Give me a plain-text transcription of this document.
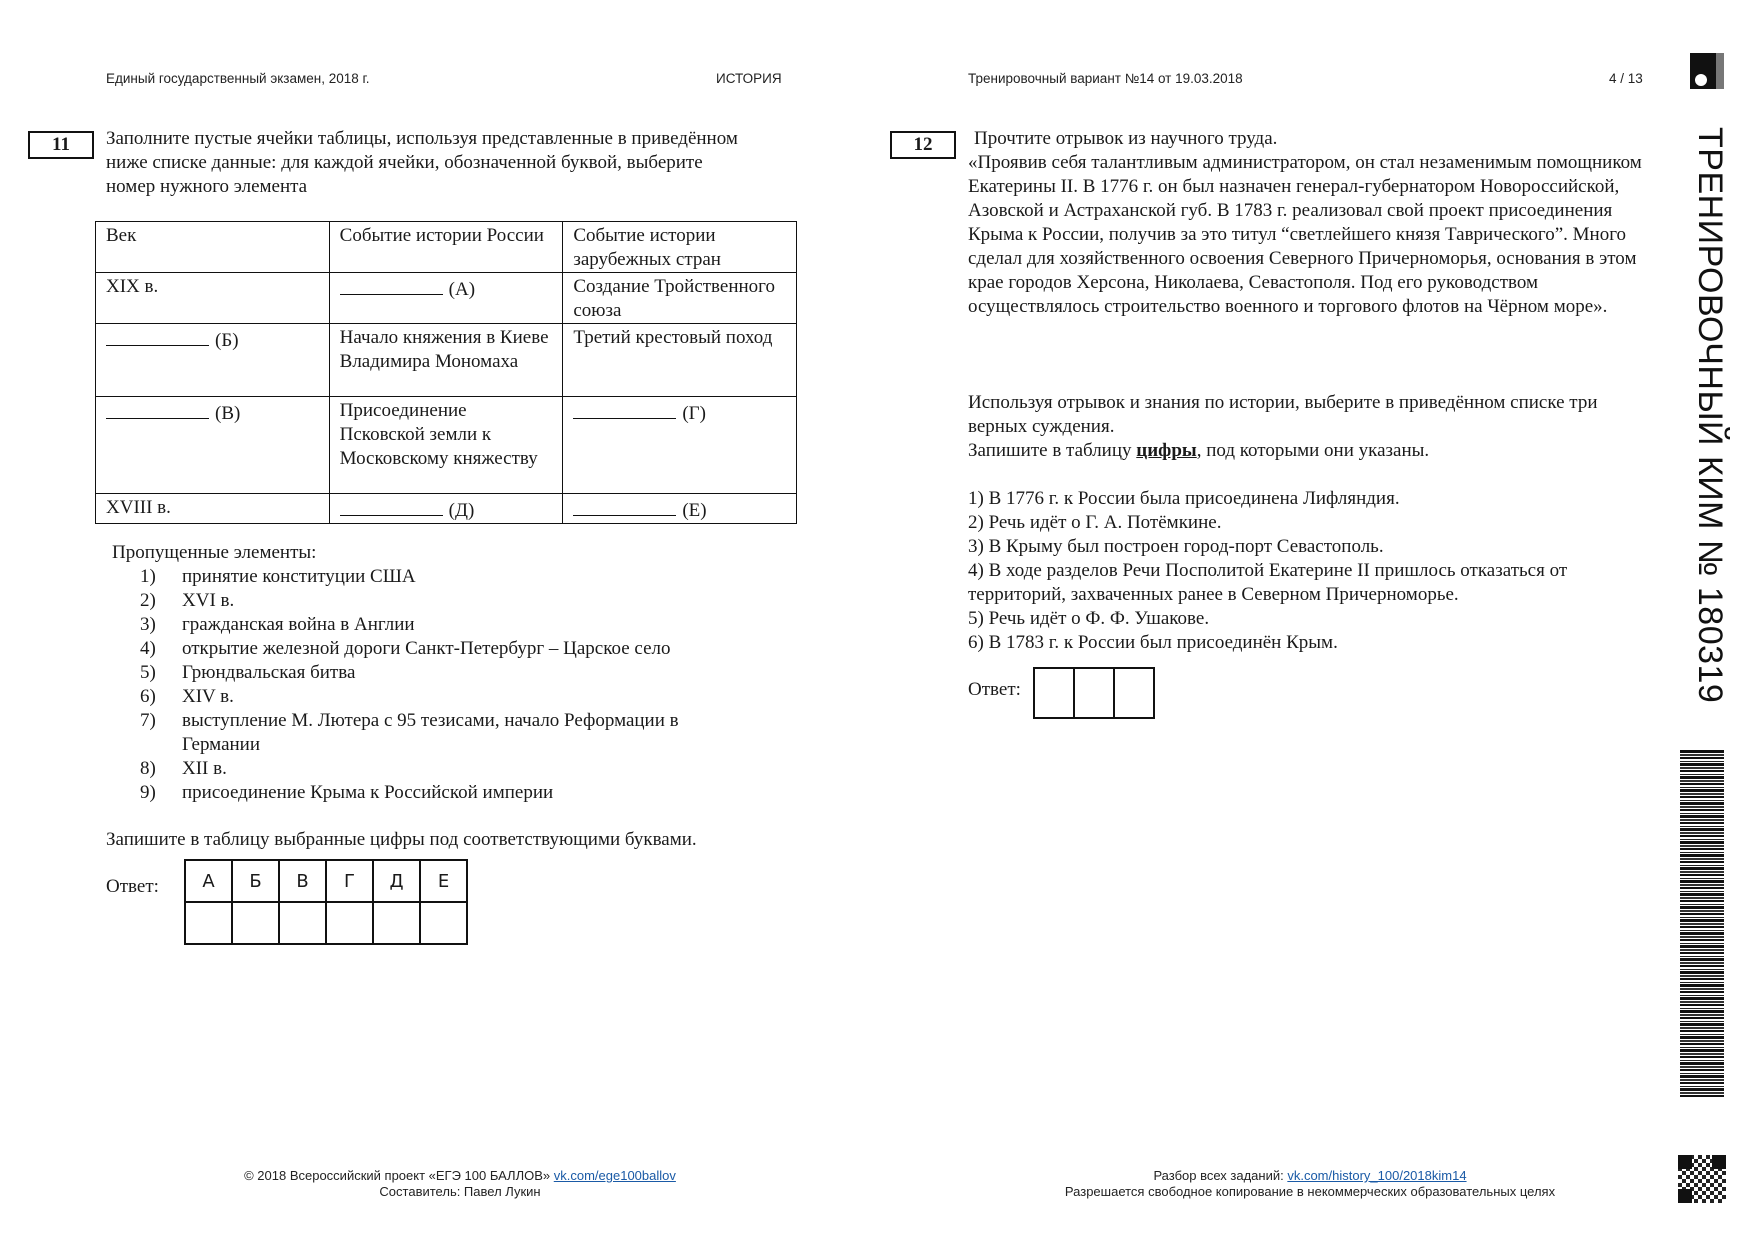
Единый государственный экзамен, 2018 г.	ИСТОРИЯ	Тренировочный вариант №14 от 19.03.2018	4 / 13
11	Заполните пустые ячейки таблицы, используя представленные в приведённом ниже списке данные: для каждой ячейки, обозначенной буквой, выберите номер нужного элемента
Век	Событие истории России	Событие истории зарубежных стран
XIX в.	(А)	Создание Тройственного союза
(Б)	Начало княжения в Киеве Владимира Мономаха	Третий крестовый поход
(В)	Присоединение Псковской земли к Московскому княжеству	(Г)
XVIII в.	(Д)	(Е)
Пропущенные элементы:
1)	принятие конституции США
2)	XVI в.
3)	гражданская война в Англии
4)	открытие железной дороги Санкт-Петербург – Царское село
5)	Грюндвальская битва
6)	XIV в.
7)	выступление М. Лютера с 95 тезисами, начало Реформации в Германии
8)	XII в.
9)	присоединение Крыма к Российской империи
Запишите в таблицу выбранные цифры под соответствующими буквами.
Ответ: А	Б	В	Г	Д	Е

12	Прочтите отрывок из научного труда.
«Проявив себя талантливым администратором, он стал незаменимым помощником Екатерины II. В 1776 г. он был назначен генерал-губернатором Новороссийской, Азовской и Астраханской губ. В 1783 г. реализовал свой проект присоединения Крыма к России, получив за это титул “светлейшего князя Таврического”. Много сделал для хозяйственного освоения Северного Причерноморья, основания в этом крае городов Херсона, Николаева, Севастополя. Под его руководством осуществлялось строительство военного и торгового флотов на Чёрном море».
Используя отрывок и знания по истории, выберите в приведённом списке три верных суждения.
Запишите в таблицу цифры, под которыми они указаны.
1) В 1776 г. к России была присоединена Лифляндия.
2) Речь идёт о Г. А. Потёмкине.
3) В Крыму был построен город-порт Севастополь.
4) В ходе разделов Речи Посполитой Екатерине II пришлось отказаться от территорий, захваченных ранее в Северном Причерноморье.
5) Речь идёт о Ф. Ф. Ушакове.
6) В 1783 г. к России был присоединён Крым.
Ответ:
			ТРЕНИРОВОЧНЫЙ КИМ № 180319
© 2018 Всероссийский проект «ЕГЭ 100 БАЛЛОВ» vk.com/ege100ballov
Составитель: Павел Лукин
Разбор всех заданий: vk.com/history_100/2018kim14
Разрешается свободное копирование в некоммерческих образовательных целях
